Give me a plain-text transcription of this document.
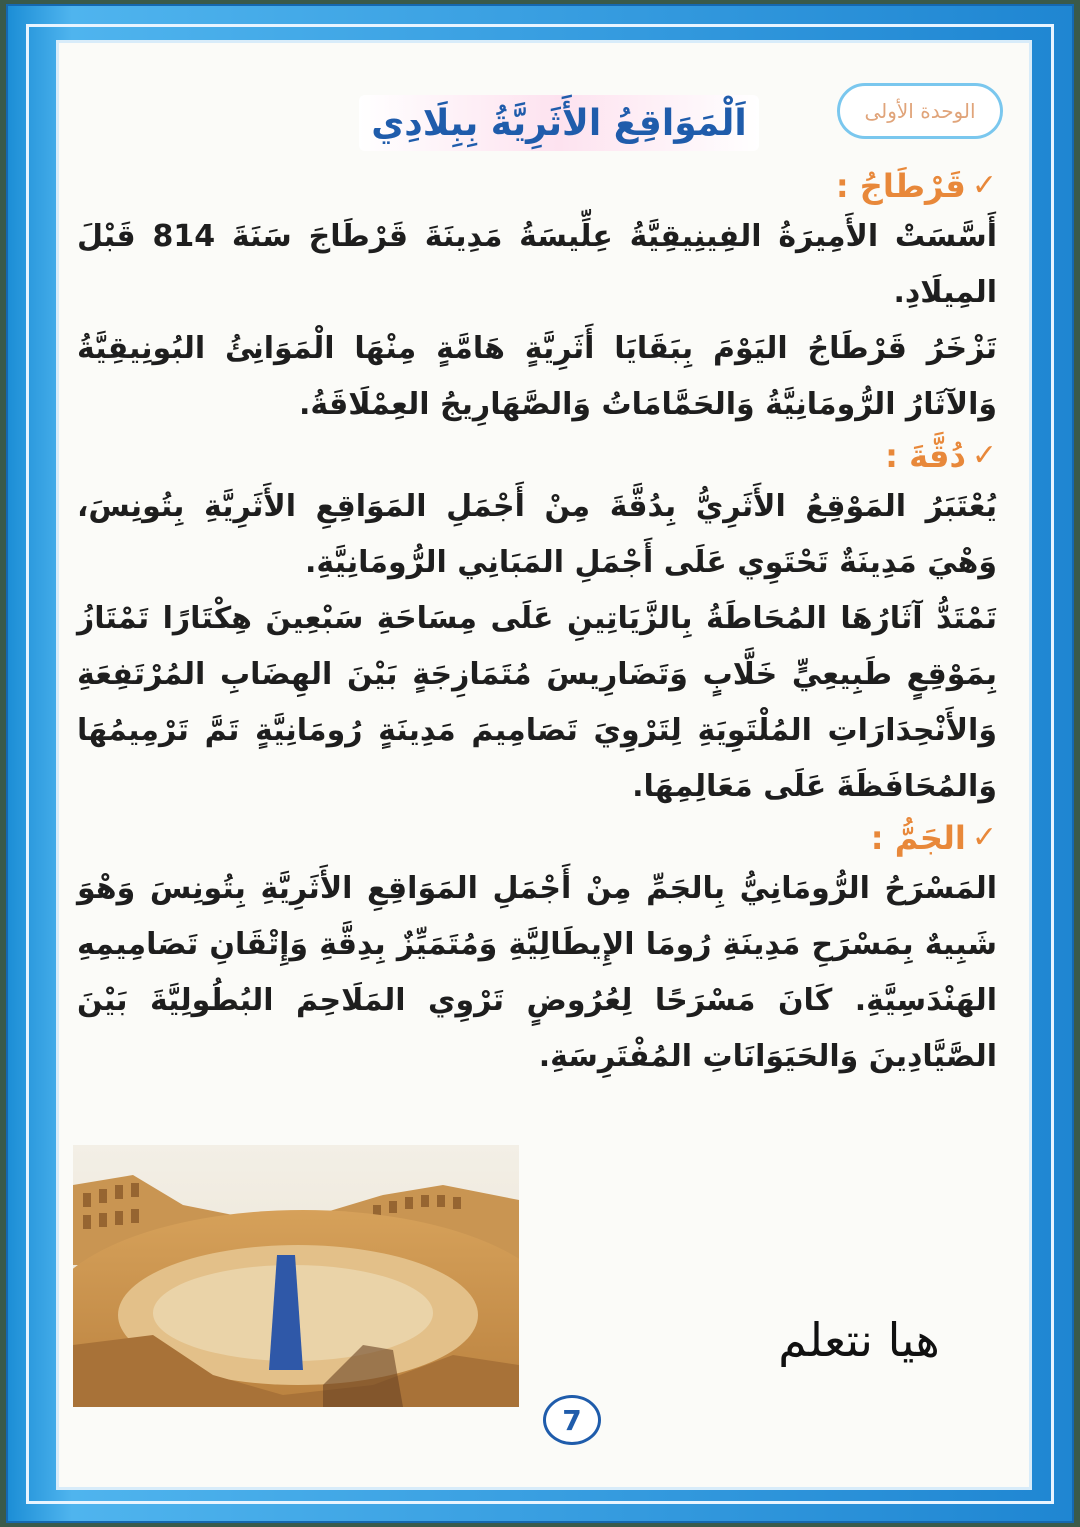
الوحدة الأولى
اَلْمَوَاقِعُ الأَثَرِيَّةُ بِبِلَادِي
✓
قَرْطَاجُ :

أَسَّسَتْ الأَمِيرَةُ الفِينِيقِيَّةُ عِلِّيسَةُ مَدِينَةَ قَرْطَاجَ سَنَةَ 814 قَبْلَ المِيلَادِ.

تَزْخَرُ قَرْطَاجُ اليَوْمَ بِبَقَايَا أَثَرِيَّةٍ هَامَّةٍ مِنْهَا الْمَوَانِئُ البُونِيقِيَّةُ وَالآثَارُ الرُّومَانِيَّةُ وَالحَمَّامَاتُ وَالصَّهَارِيجُ العِمْلَاقَةُ.

✓
دُقَّةَ :

يُعْتَبَرُ المَوْقِعُ الأَثَرِيُّ بِدُقَّةَ مِنْ أَجْمَلِ المَوَاقِعِ الأَثَرِيَّةِ بِتُونِسَ، وَهْيَ مَدِينَةٌ تَحْتَوِي عَلَى أَجْمَلِ المَبَانِي الرُّومَانِيَّةِ.

تَمْتَدُّ آثَارُهَا المُحَاطَةُ بِالزَّيَاتِينِ عَلَى مِسَاحَةِ سَبْعِينَ هِكْتَارًا تَمْتَازُ بِمَوْقِعٍ طَبِيعِيٍّ خَلَّابٍ وَتَضَارِيسَ مُتَمَازِجَةٍ بَيْنَ الهِضَابِ المُرْتَفِعَةِ وَالأَنْحِدَارَاتِ المُلْتَوِيَةِ لِتَرْوِيَ تَصَامِيمَ مَدِينَةٍ رُومَانِيَّةٍ تَمَّ تَرْمِيمُهَا وَالمُحَافَظَةَ عَلَى مَعَالِمِهَا.

✓
الجَمُّ :

المَسْرَحُ الرُّومَانِيُّ بِالجَمِّ مِنْ أَجْمَلِ المَوَاقِعِ الأَثَرِيَّةِ بِتُونِسَ وَهْوَ شَبِيهٌ بِمَسْرَحِ مَدِينَةِ رُومَا الإِيطَالِيَّةِ وَمُتَمَيِّزٌ بِدِقَّةِ وَإِتْقَانِ تَصَامِيمِهِ الهَنْدَسِيَّةِ. كَانَ مَسْرَحًا لِعُرُوضٍ تَرْوِي المَلَاحِمَ البُطُولِيَّةَ بَيْنَ الصَّيَّادِينَ وَالحَيَوَانَاتِ المُفْتَرِسَةِ.

هيا نتعلم
7
